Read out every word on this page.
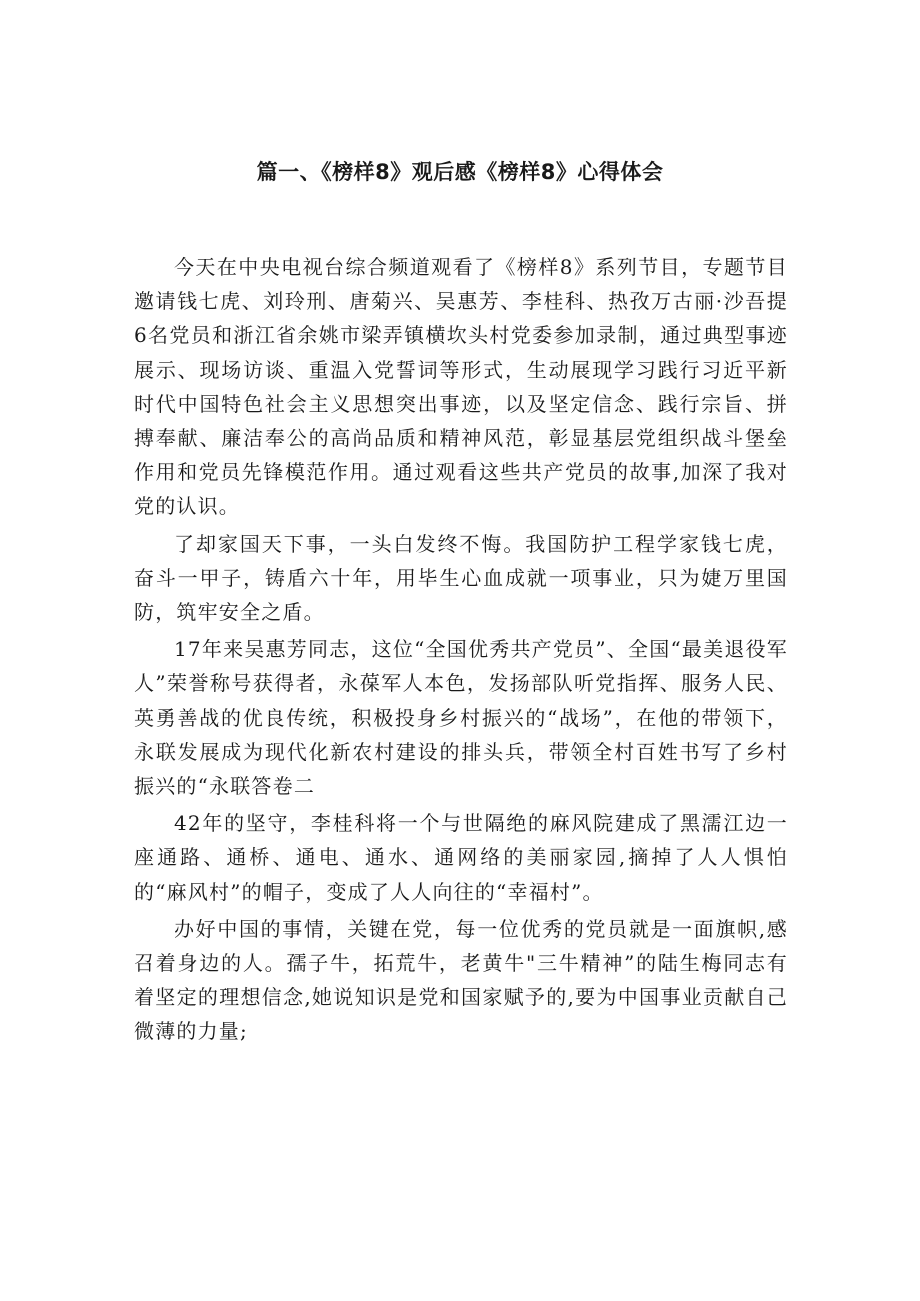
篇一、《榜样8》观后感《榜样8》心得体会

今天在中央电视台综合频道观看了《榜样8》系列节目，专题节目邀请钱七虎、刘玲刑、唐菊兴、吴惠芳、李桂科、热孜万古丽·沙吾提6名党员和浙江省余姚市梁弄镇横坎头村党委参加录制，通过典型事迹展示、现场访谈、重温入党誓词等形式，生动展现学习践行习近平新时代中国特色社会主义思想突出事迹，以及坚定信念、践行宗旨、拼搏奉献、廉洁奉公的高尚品质和精神风范，彰显基层党组织战斗堡垒作用和党员先锋模范作用。通过观看这些共产党员的故事,加深了我对党的认识。

了却家国天下事，一头白发终不悔。我国防护工程学家钱七虎，奋斗一甲子，铸盾六十年，用毕生心血成就一项事业，只为婕万里国防，筑牢安全之盾。

17年来吴惠芳同志，这位“全国优秀共产党员”、全国“最美退役军人”荣誉称号获得者，永葆军人本色，发扬部队听党指挥、服务人民、英勇善战的优良传统，积极投身乡村振兴的“战场”，在他的带领下，永联发展成为现代化新农村建设的排头兵，带领全村百姓书写了乡村振兴的“永联答卷二

42年的坚守，李桂科将一个与世隔绝的麻风院建成了黑濡江边一座通路、通桥、通电、通水、通网络的美丽家园,摘掉了人人惧怕的“麻风村”的帽子，变成了人人向往的“幸福村”。

办好中国的事情，关键在党，每一位优秀的党员就是一面旗帜,感召着身边的人。孺子牛，拓荒牛，老黄牛"三牛精神”的陆生梅同志有着坚定的理想信念,她说知识是党和国家赋予的,要为中国事业贡献自己微薄的力量;
